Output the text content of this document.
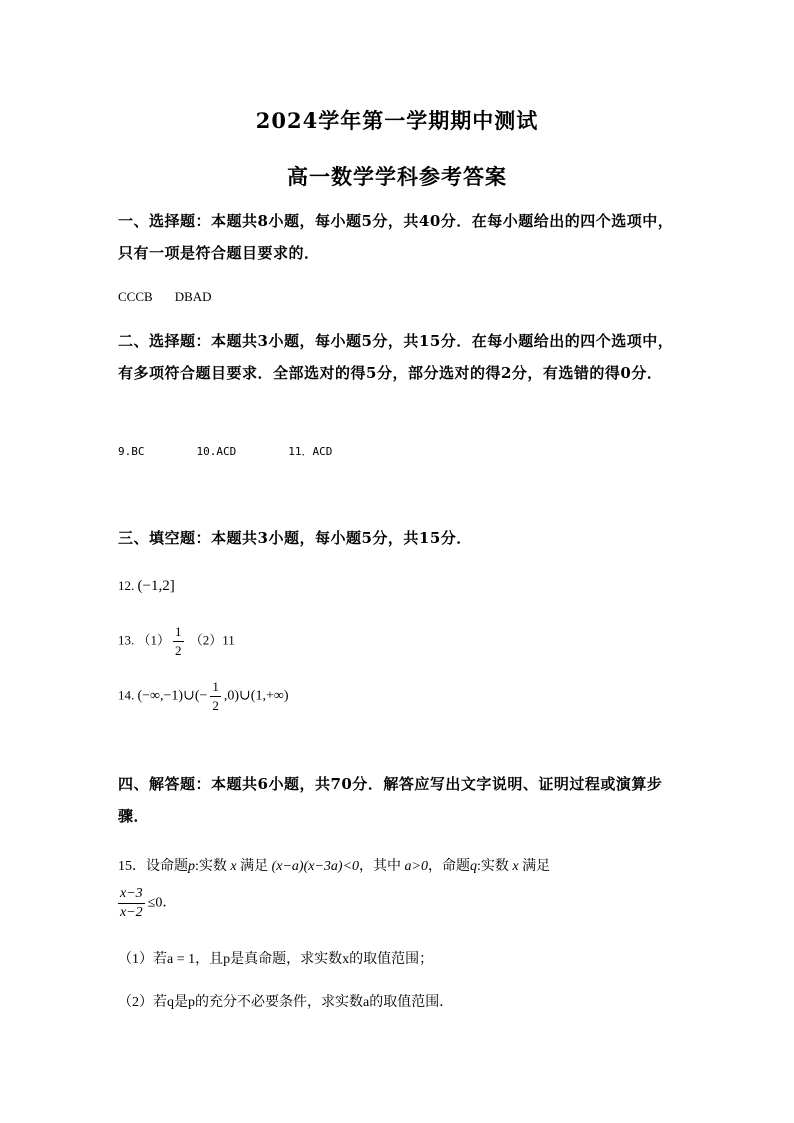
2024学年第一学期期中测试
高一数学学科参考答案
一、选择题：本题共8小题，每小题5分，共40分．在每小题给出的四个选项中，只有一项是符合题目要求的．
CCCB DBAD
二、选择题：本题共3小题，每小题5分，共15分．在每小题给出的四个选项中，有多项符合题目要求．全部选对的得5分，部分选对的得2分，有选错的得0分．
9.BC	10.ACD	11．ACD
三、填空题：本题共3小题，每小题5分，共15分．
12. (−1,2]
13. $(1) \frac{1}{2} (2)11$
14. (−∞,−1)∪(− $\frac{1}{2}$ ,0)∪(1,+∞)
四、解答题：本题共6小题，共70分．解答应写出文字说明、证明过程或演算步骤．
15．设命题p:实数 x 满足 (x−a)(x−3a)<0，其中 a>0，命题q:实数 x 满足
$\frac{x-3}{x-2} \le 0$．
（1）若a = 1，且p是真命题，求实数x的取值范围；
（2）若q是p的充分不必要条件，求实数a的取值范围．
